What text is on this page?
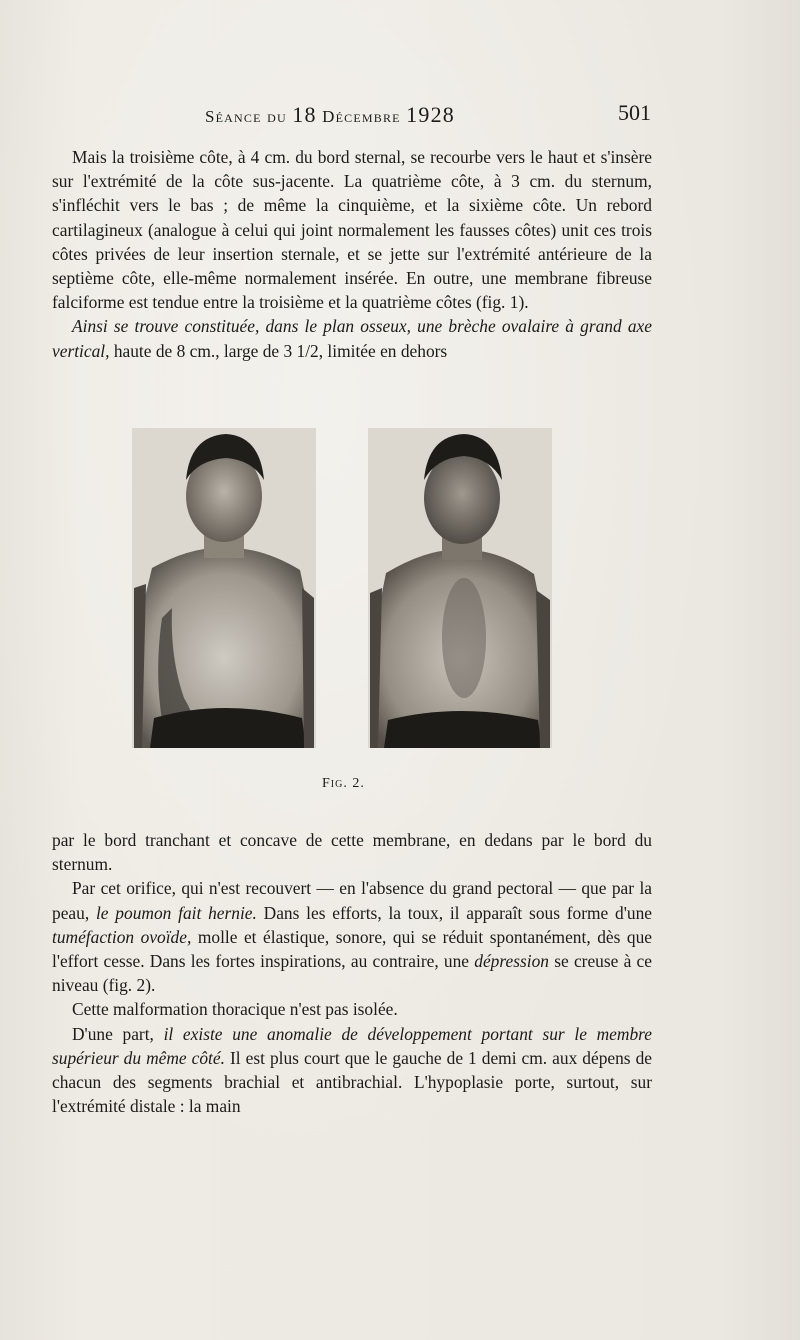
Séance du 18 Décembre 1928	501

Mais la troisième côte, à 4 cm. du bord sternal, se recourbe vers le haut et s'insère sur l'extrémité de la côte sus-jacente. La quatrième côte, à 3 cm. du sternum, s'infléchit vers le bas ; de même la cinquième, et la sixième côte. Un rebord cartilagineux (analogue à celui qui joint normalement les fausses côtes) unit ces trois côtes privées de leur insertion sternale, et se jette sur l'extrémité antérieure de la septième côte, elle-même normalement insérée. En outre, une membrane fibreuse falciforme est tendue entre la troisième et la quatrième côtes (fig. 1).

Ainsi se trouve constituée, dans le plan osseux, une brèche ovalaire à grand axe vertical, haute de 8 cm., large de 3 1/2, limitée en dehors

Fig. 2.

par le bord tranchant et concave de cette membrane, en dedans par le bord du sternum.

Par cet orifice, qui n'est recouvert — en l'absence du grand pectoral — que par la peau, le poumon fait hernie. Dans les efforts, la toux, il apparaît sous forme d'une tuméfaction ovoïde, molle et élastique, sonore, qui se réduit spontanément, dès que l'effort cesse. Dans les fortes inspirations, au contraire, une dépression se creuse à ce niveau (fig. 2).

Cette malformation thoracique n'est pas isolée.

D'une part, il existe une anomalie de développement portant sur le membre supérieur du même côté. Il est plus court que le gauche de 1 demi cm. aux dépens de chacun des segments brachial et antibrachial. L'hypoplasie porte, surtout, sur l'extrémité distale : la main
